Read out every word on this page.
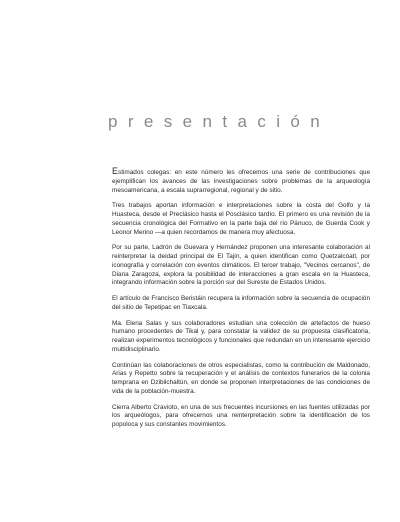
presentación

Estimados colegas: en este número les ofrecemos una serie de contribuciones que ejemplifican los avances de las investigaciones sobre problemas de la arqueología mesoamericana, a escala suprarregional, regional y de sitio.

Tres trabajos aportan información e interpretaciones sobre la costa del Golfo y la Huasteca, desde el Preclásico hasta el Posclásico tardío. El primero es una revisión de la secuencia cronológica del Formativo en la parte baja del río Pánuco, de Guerda Cook y Leonor Merino —a quien recordamos de manera muy afectuosa.

Por su parte, Ladrón de Guevara y Hernández proponen una interesante colaboración al reinterpretar la deidad principal de El Tajín, a quien identifican como Quetzalcóatl, por iconografía y correlación con eventos climáticos. El tercer trabajo, "Vecinos cercanos", de Diana Zaragoza, explora la posibilidad de interacciones a gran escala en la Huasteca, integrando información sobre la porción sur del Sureste de Estados Unidos.

El artículo de Francisco Beristáin recupera la información sobre la secuencia de ocupación del sitio de Tepetipac en Tlaxcala.

Ma. Elena Salas y sus colaboradores estudian una colección de artefactos de hueso humano procedentes de Tikal y, para constatar la validez de su propuesta clasificatoria, realizan experimentos tecnológicos y funcionales que redundan en un interesante ejercicio multidisciplinario.

Continúan las colaboraciones de otros especialistas, como la contribución de Maldonado, Arias y Repetto sobre la recuperación y el análisis de contextos funerarios de la colonia temprana en Dzibilchaltún, en donde se proponen interpretaciones de las condiciones de vida de la población-muestra.

Cierra Alberto Cravioto, en una de sus frecuentes incursiones en las fuentes utilizadas por los arqueólogos, para ofrecernos una reinterpretación sobre la identificación de los popoloca y sus constantes movimientos.
